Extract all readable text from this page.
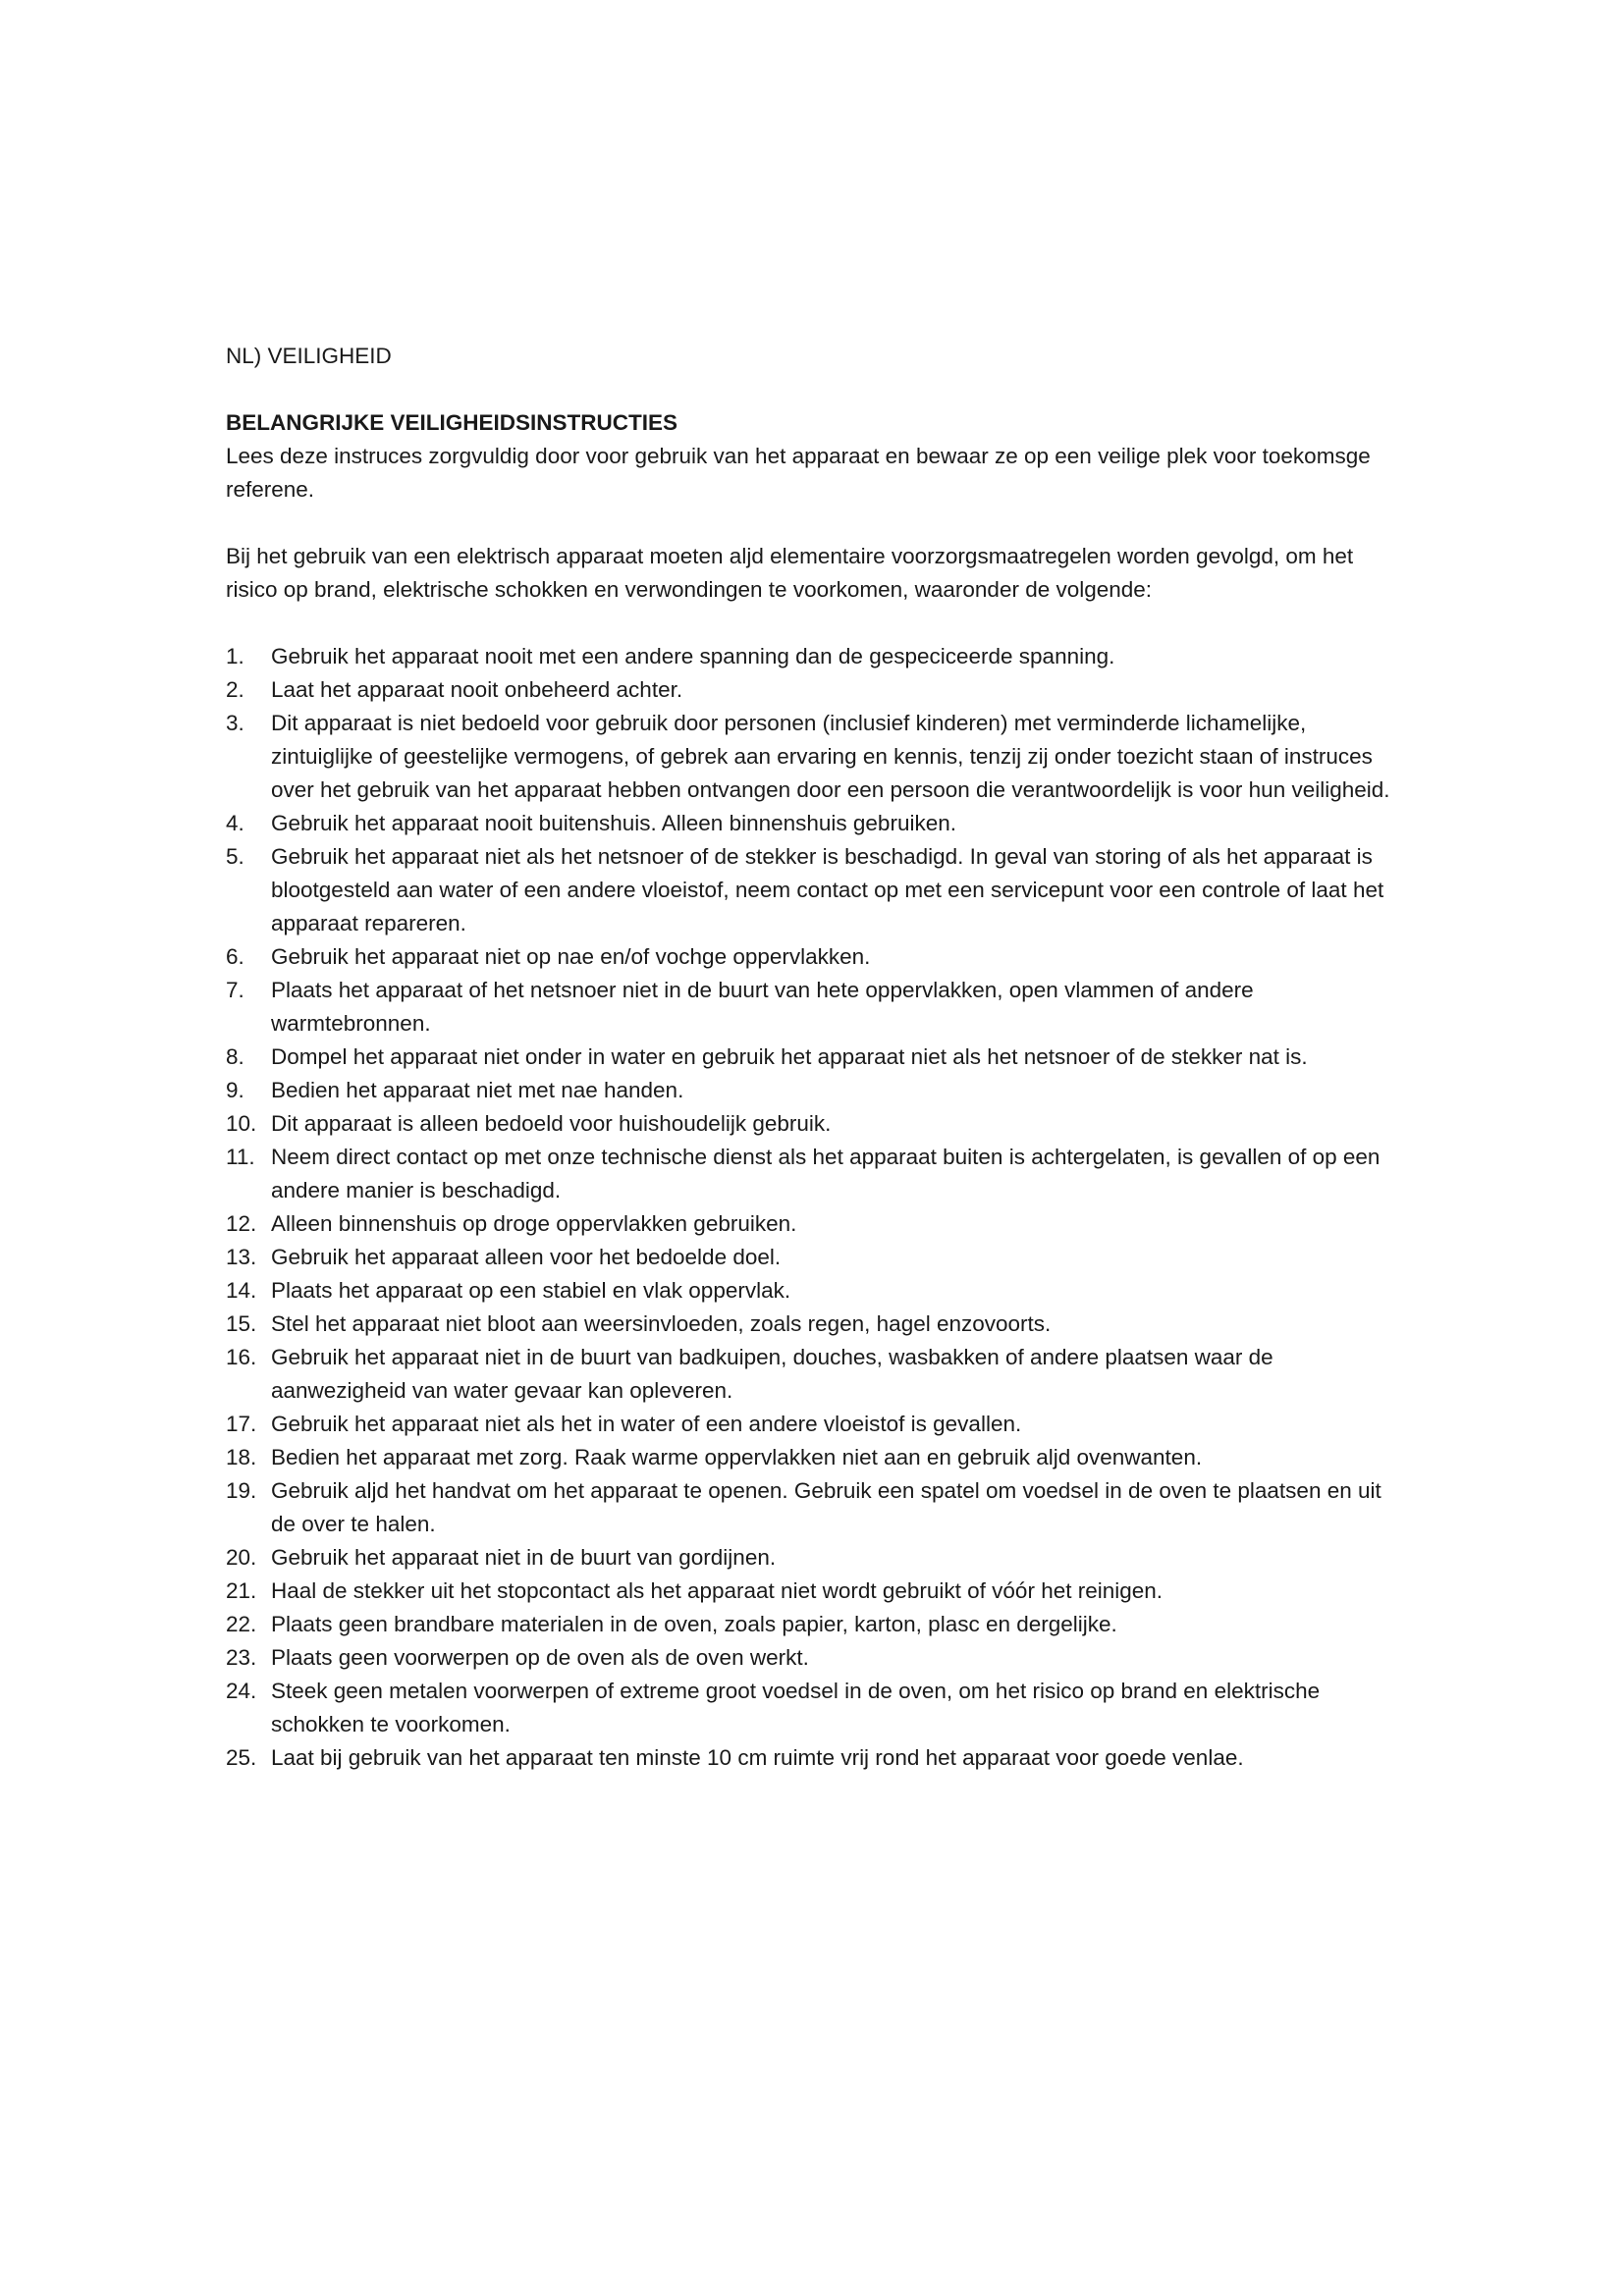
NL) VEILIGHEID

BELANGRIJKE VEILIGHEIDSINSTRUCTIES

Lees deze instruces zorgvuldig door voor gebruik van het apparaat en bewaar ze op een veilige plek voor toekomsge referene.

Bij het gebruik van een elektrisch apparaat moeten aljd elementaire voorzorgsmaatregelen worden gevolgd, om het risico op brand, elektrische schokken en verwondingen te voorkomen, waaronder de volgende:

1.	Gebruik het apparaat nooit met een andere spanning dan de gespeciceerde spanning.
2.	Laat het apparaat nooit onbeheerd achter.
3.	Dit apparaat is niet bedoeld voor gebruik door personen (inclusief kinderen) met verminderde lichamelijke, zintuiglijke of geestelijke vermogens, of gebrek aan ervaring en kennis, tenzij zij onder toezicht staan of instruces over het gebruik van het apparaat hebben ontvangen door een persoon die verantwoordelijk is voor hun veiligheid.
4.	Gebruik het apparaat nooit buitenshuis. Alleen binnenshuis gebruiken.
5.	Gebruik het apparaat niet als het netsnoer of de stekker is beschadigd. In geval van storing of als het apparaat is blootgesteld aan water of een andere vloeistof, neem contact op met een servicepunt voor een controle of laat het apparaat repareren.
6.	Gebruik het apparaat niet op nae en/of vochge oppervlakken.
7.	Plaats het apparaat of het netsnoer niet in de buurt van hete oppervlakken, open vlammen of andere warmtebronnen.
8.	Dompel het apparaat niet onder in water en gebruik het apparaat niet als het netsnoer of de stekker nat is.
9.	Bedien het apparaat niet met nae handen.
10. Dit apparaat is alleen bedoeld voor huishoudelijk gebruik.
11. Neem direct contact op met onze technische dienst als het apparaat buiten is achtergelaten, is gevallen of op een andere manier is beschadigd.
12. Alleen binnenshuis op droge oppervlakken gebruiken.
13. Gebruik het apparaat alleen voor het bedoelde doel.
14. Plaats het apparaat op een stabiel en vlak oppervlak.
15. Stel het apparaat niet bloot aan weersinvloeden, zoals regen, hagel enzovoorts.
16. Gebruik het apparaat niet in de buurt van badkuipen, douches, wasbakken of andere plaatsen waar de aanwezigheid van water gevaar kan opleveren.
17. Gebruik het apparaat niet als het in water of een andere vloeistof is gevallen.
18. Bedien het apparaat met zorg. Raak warme oppervlakken niet aan en gebruik aljd ovenwanten.
19. Gebruik aljd het handvat om het apparaat te openen. Gebruik een spatel om voedsel in de oven te plaatsen en uit de over te halen.
20. Gebruik het apparaat niet in de buurt van gordijnen.
21. Haal de stekker uit het stopcontact als het apparaat niet wordt gebruikt of vóór het reinigen.
22. Plaats geen brandbare materialen in de oven, zoals papier, karton, plasc en dergelijke.
23. Plaats geen voorwerpen op de oven als de oven werkt.
24. Steek geen metalen voorwerpen of extreme groot voedsel in de oven, om het risico op brand en elektrische schokken te voorkomen.
25. Laat bij gebruik van het apparaat ten minste 10 cm ruimte vrij rond het apparaat voor goede venlae.
